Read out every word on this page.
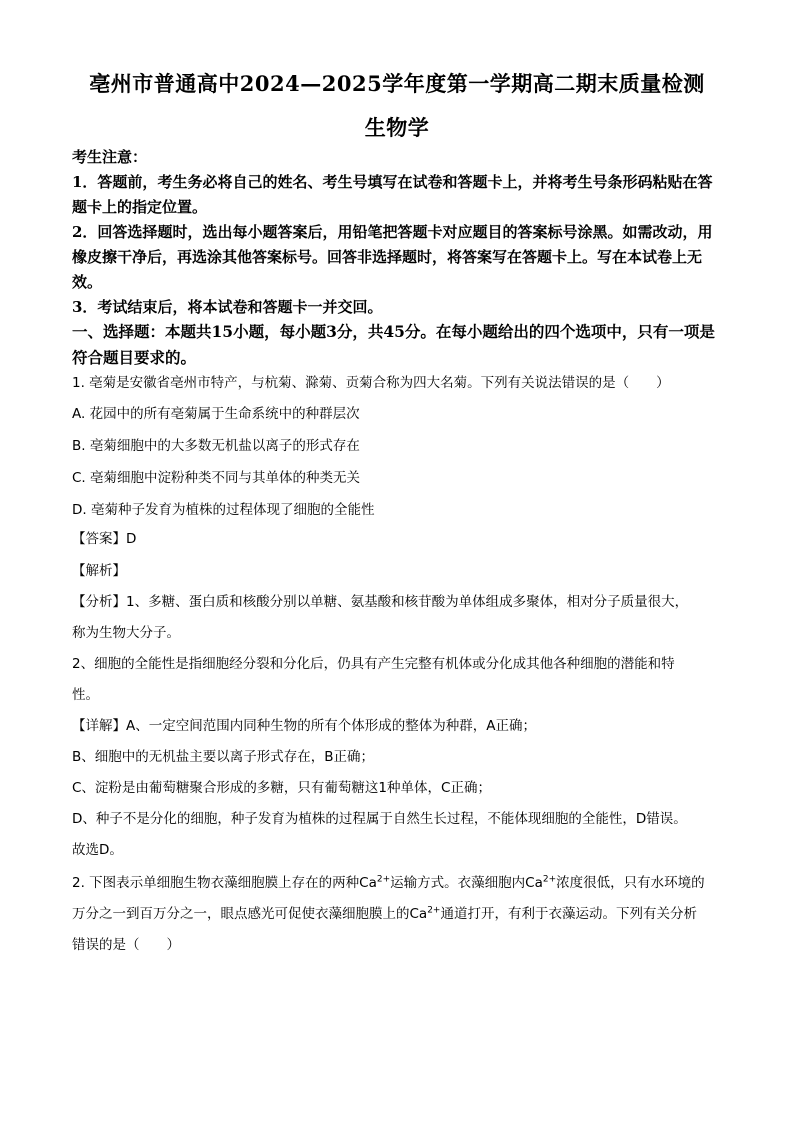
亳州市普通高中2024—2025学年度第一学期高二期末质量检测
生物学
考生注意：

1．答题前，考生务必将自己的姓名、考生号填写在试卷和答题卡上，并将考生号条形码粘贴在答题卡上的指定位置。

2．回答选择题时，选出每小题答案后，用铅笔把答题卡对应题目的答案标号涂黑。如需改动，用橡皮擦干净后，再选涂其他答案标号。回答非选择题时，将答案写在答题卡上。写在本试卷上无效。

3．考试结束后，将本试卷和答题卡一并交回。

一、选择题：本题共15小题，每小题3分，共45分。在每小题给出的四个选项中，只有一项是符合题目要求的。

1. 亳菊是安徽省亳州市特产，与杭菊、滁菊、贡菊合称为四大名菊。下列有关说法错误的是（　　）

A. 花园中的所有亳菊属于生命系统中的种群层次

B. 亳菊细胞中的大多数无机盐以离子的形式存在

C. 亳菊细胞中淀粉种类不同与其单体的种类无关

D. 亳菊种子发育为植株的过程体现了细胞的全能性

【答案】D

【解析】

【分析】1、多糖、蛋白质和核酸分别以单糖、氨基酸和核苷酸为单体组成多聚体，相对分子质量很大，

称为生物大分子。

2、细胞的全能性是指细胞经分裂和分化后，仍具有产生完整有机体或分化成其他各种细胞的潜能和特

性。

【详解】A、一定空间范围内同种生物的所有个体形成的整体为种群，A正确；

B、细胞中的无机盐主要以离子形式存在，B正确；

C、淀粉是由葡萄糖聚合形成的多糖，只有葡萄糖这1种单体，C正确；

D、种子不是分化的细胞，种子发育为植株的过程属于自然生长过程，不能体现细胞的全能性，D错误。

故选D。

2. 下图表示单细胞生物衣藻细胞膜上存在的两种$Ca^{2+}$运输方式。衣藻细胞内$Ca^{2+}$浓度很低，只有水环境的

万分之一到百万分之一，眼点感光可促使衣藻细胞膜上的$Ca^{2+}$通道打开，有利于衣藻运动。下列有关分析

错误的是（　　）
